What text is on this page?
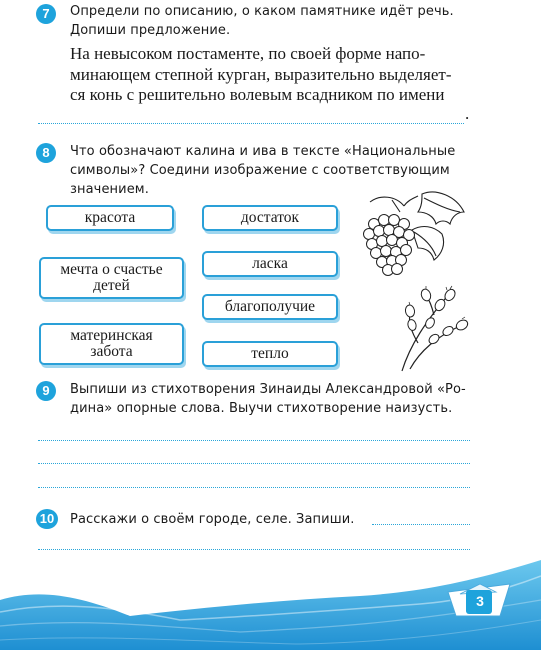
7	Определи по описанию, о каком памятнике идёт речь.
Допиши предложение.
На невысоком постаменте, по своей форме напо-
минающем степной курган, выразительно выделяет-
ся конь с решительно волевым всадником по имени
.
8	Что обозначают калина и ива в тексте «Национальные
символы»? Соедини изображение с соответствующим
значением.
красота	достаток
мечта о счастье детей
ласка
благополучие
материнская забота	тепло
9	Выпиши из стихотворения Зинаиды Александровой «Ро-
дина» опорные слова. Выучи стихотворение наизусть.
10 Расскажи о своём городе, селе. Запиши.
3
В родной стороне и ворона мила
